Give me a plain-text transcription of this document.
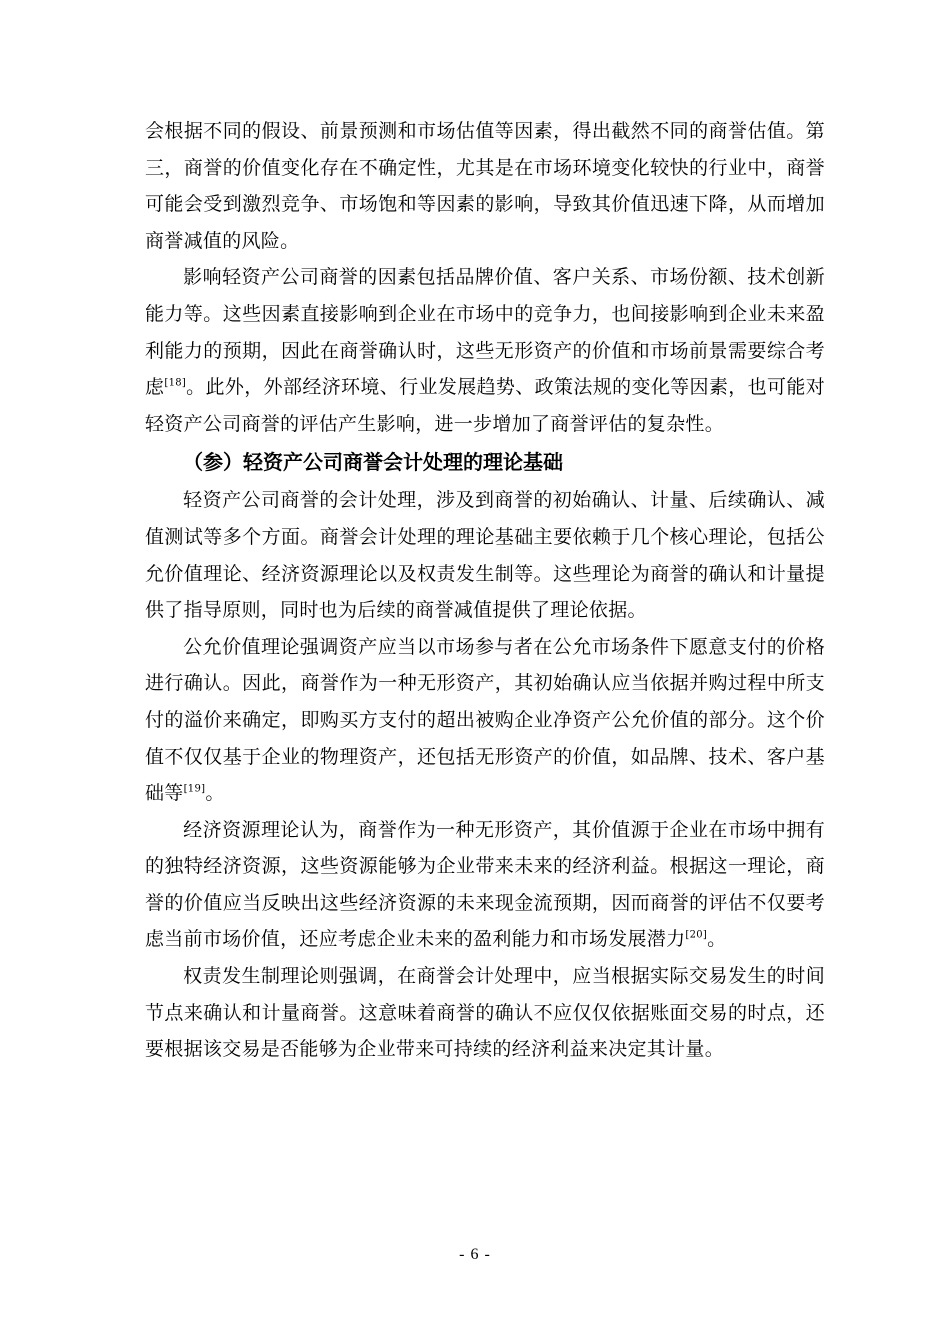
会根据不同的假设、前景预测和市场估值等因素，得出截然不同的商誉估值。第三，商誉的价值变化存在不确定性，尤其是在市场环境变化较快的行业中，商誉可能会受到激烈竞争、市场饱和等因素的影响，导致其价值迅速下降，从而增加商誉减值的风险。

影响轻资产公司商誉的因素包括品牌价值、客户关系、市场份额、技术创新能力等。这些因素直接影响到企业在市场中的竞争力，也间接影响到企业未来盈利能力的预期，因此在商誉确认时，这些无形资产的价值和市场前景需要综合考虑[18]。此外，外部经济环境、行业发展趋势、政策法规的变化等因素，也可能对轻资产公司商誉的评估产生影响，进一步增加了商誉评估的复杂性。

（参）轻资产公司商誉会计处理的理论基础

轻资产公司商誉的会计处理，涉及到商誉的初始确认、计量、后续确认、减值测试等多个方面。商誉会计处理的理论基础主要依赖于几个核心理论，包括公允价值理论、经济资源理论以及权责发生制等。这些理论为商誉的确认和计量提供了指导原则，同时也为后续的商誉减值提供了理论依据。

公允价值理论强调资产应当以市场参与者在公允市场条件下愿意支付的价格进行确认。因此，商誉作为一种无形资产，其初始确认应当依据并购过程中所支付的溢价来确定，即购买方支付的超出被购企业净资产公允价值的部分。这个价值不仅仅基于企业的物理资产，还包括无形资产的价值，如品牌、技术、客户基础等[19]。

经济资源理论认为，商誉作为一种无形资产，其价值源于企业在市场中拥有的独特经济资源，这些资源能够为企业带来未来的经济利益。根据这一理论，商誉的价值应当反映出这些经济资源的未来现金流预期，因而商誉的评估不仅要考虑当前市场价值，还应考虑企业未来的盈利能力和市场发展潜力[20]。

权责发生制理论则强调，在商誉会计处理中，应当根据实际交易发生的时间节点来确认和计量商誉。这意味着商誉的确认不应仅仅依据账面交易的时点，还要根据该交易是否能够为企业带来可持续的经济利益来决定其计量。

- 6 -
